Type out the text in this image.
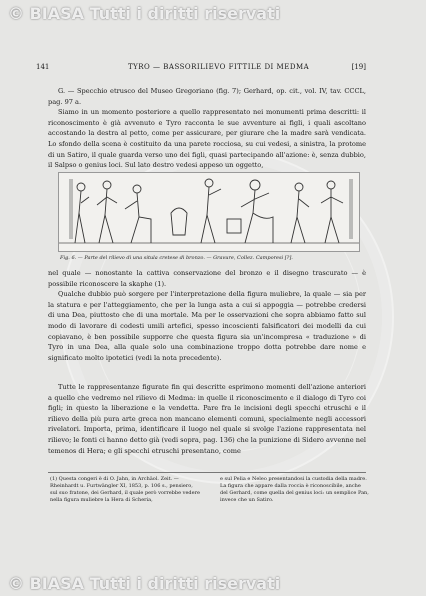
© BIASA Tutti i diritti riservati
141	TYRO — BASSORILIEVO FITTILE DI MEDMA	[19]

G. — Specchio etrusco del Museo Gregoriano (fig. 7); Gerhard, op. cit., vol. IV, tav. CCCL, pag. 97 a.

Siamo in un momento posteriore a quello rappresentato nei monumenti prima descritti: il riconoscimento è già avvenuto e Tyro racconta le sue avventure ai figli, i quali ascoltano accostando la destra al petto, come per assicurare, per giurare che la madre sarà vendicata. Lo sfondo della scena è costituito da una parete rocciosa, su cui vedesi, a sinistra, la protome di un Satiro, il quale guarda verso uno dei figli, quasi partecipando all'azione: è, senza dubbio, il Salpso o genius loci. Sul lato destro vedesi appeso un oggetto,

Fig. 6. — Parte del rilievo di una situla cretese di bronzo. — Gravure, Collez. Camporesi [?].

nel quale — nonostante la cattiva conservazione del bronzo e il disegno trascurato — è possibile riconoscere la skaphe (1).

Qualche dubbio può sorgere per l'interpretazione della figura muliebre, la quale — sia per la statura e per l'atteggiamento, che per la lunga asta a cui si appoggia — potrebbe credersi di una Dea, piuttosto che di una mortale. Ma per le osservazioni che sopra abbiamo fatto sul modo di lavorare di codesti umili artefici, spesso incoscienti falsificatori dei modelli da cui copiavano, è ben possibile supporre che questa figura sia un'incompresa « traduzione » di Tyro in una Dea, alla quale solo una combinazione troppo dotta potrebbe dare nome e significato molto ipotetici (vedi la nota precedente).

Tutte le rappresentanze figurate fin qui descritte esprimono momenti dell'azione anteriori a quello che vedremo nel rilievo di Medma: in quelle il riconoscimento e il dialogo di Tyro coi figli; in questo la liberazione e la vendetta. Pare fra le incisioni degli specchi etruschi e il rilievo della più pura arte greca non mancano elementi comuni, specialmente negli accessori rivelatori. Importa, prima, identificare il luogo nel quale si svolge l'azione rappresentata nel rilievo; le fonti ci hanno detto già (vedi sopra, pag. 136) che la punizione di Sidero avvenne nel temenos di Hera; e gli specchi etruschi presentano, come

(1) Questa congeri è di O. Jahn, in Archäol. Zeit. — Rheinhardt u. Furtwängler XI, 1853, p. 106 s., pensiero, sul suo fratone, dei Gerhard, il quale però vorrebbe vedere nella figura muliebre la Hera di Scheria,
e sul Pelia e Neleo presentandosi la custodia della madre. La figura che appare dalla roccia è riconoscibile, anche del Gerhard, come quella del genius loci: un semplice Pan, invece che un Satiro.
© BIASA Tutti i diritti riservati
